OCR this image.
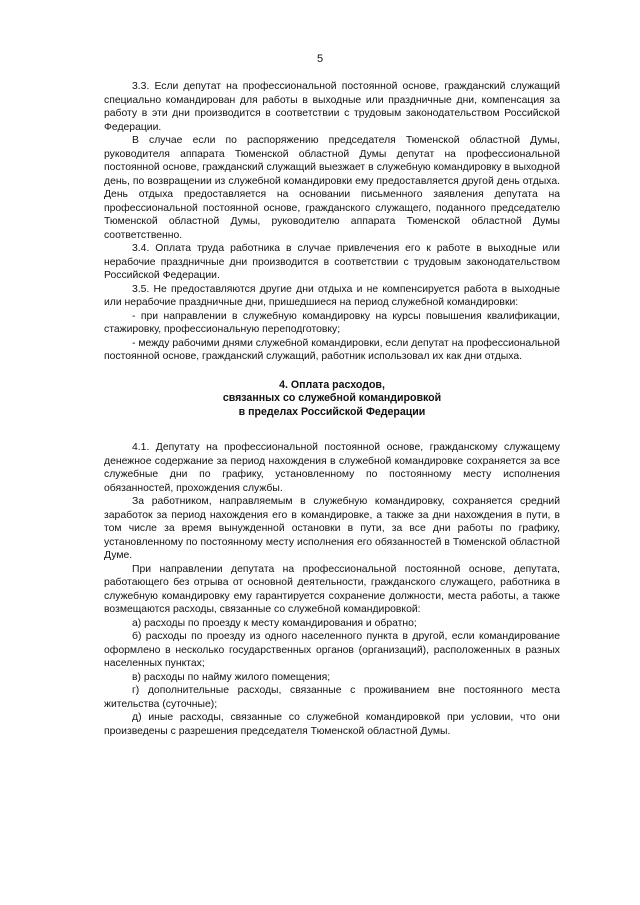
5

3.3. Если депутат на профессиональной постоянной основе, гражданский служащий специально командирован для работы в выходные или праздничные дни, компенсация за работу в эти дни производится в соответствии с трудовым законодательством Российской Федерации.

В случае если по распоряжению председателя Тюменской областной Думы, руководителя аппарата Тюменской областной Думы депутат на профессиональной постоянной основе, гражданский служащий выезжает в служебную командировку в выходной день, по возвращении из служебной командировки ему предоставляется другой день отдыха. День отдыха предоставляется на основании письменного заявления депутата на профессиональной постоянной основе, гражданского служащего, поданного председателю Тюменской областной Думы, руководителю аппарата Тюменской областной Думы соответственно.

3.4. Оплата труда работника в случае привлечения его к работе в выходные или нерабочие праздничные дни производится в соответствии с трудовым законодательством Российской Федерации.

3.5. Не предоставляются другие дни отдыха и не компенсируется работа в выходные или нерабочие праздничные дни, пришедшиеся на период служебной командировки:

- при направлении в служебную командировку на курсы повышения квалификации, стажировку, профессиональную переподготовку;

- между рабочими днями служебной командировки, если депутат на профессиональной постоянной основе, гражданский служащий, работник использовал их как дни отдыха.

4. Оплата расходов,
связанных со служебной командировкой
в пределах Российской Федерации

4.1. Депутату на профессиональной постоянной основе, гражданскому служащему денежное содержание за период нахождения в служебной командировке сохраняется за все служебные дни по графику, установленному по постоянному месту исполнения обязанностей, прохождения службы.

За работником, направляемым в служебную командировку, сохраняется средний заработок за период нахождения его в командировке, а также за дни нахождения в пути, в том числе за время вынужденной остановки в пути, за все дни работы по графику, установленному по постоянному месту исполнения его обязанностей в Тюменской областной Думе.

При направлении депутата на профессиональной постоянной основе, депутата, работающего без отрыва от основной деятельности, гражданского служащего, работника в служебную командировку ему гарантируется сохранение должности, места работы, а также возмещаются расходы, связанные со служебной командировкой:

а) расходы по проезду к месту командирования и обратно;

б) расходы по проезду из одного населенного пункта в другой, если командирование оформлено в несколько государственных органов (организаций), расположенных в разных населенных пунктах;

в) расходы по найму жилого помещения;

г) дополнительные расходы, связанные с проживанием вне постоянного места жительства (суточные);

д) иные расходы, связанные со служебной командировкой при условии, что они произведены с разрешения председателя Тюменской областной Думы.
